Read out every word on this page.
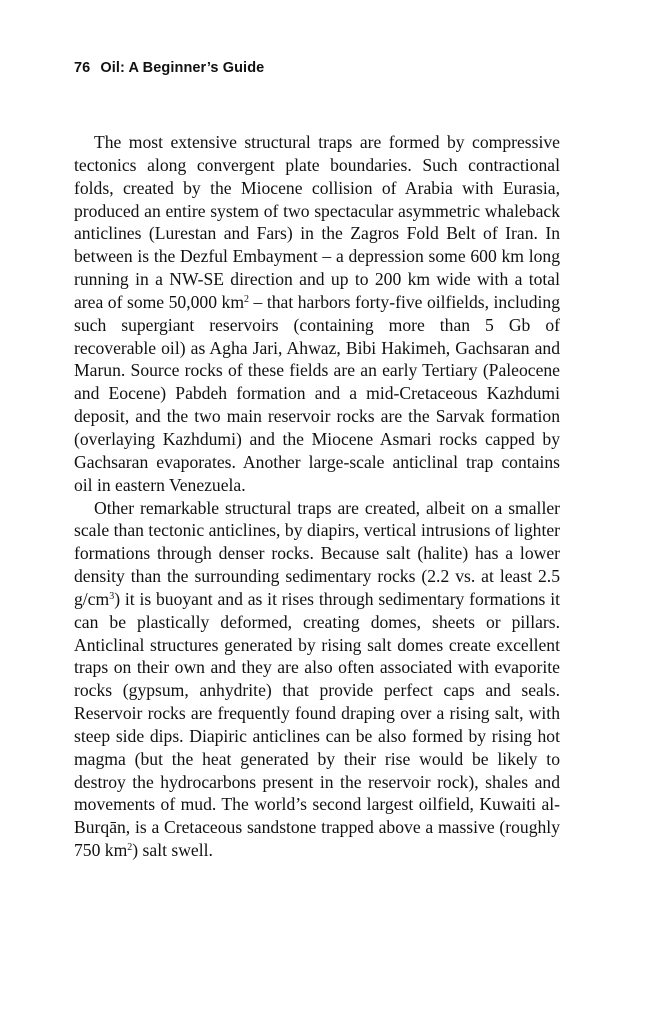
76 Oil: A Beginner’s Guide

The most extensive structural traps are formed by compressive tectonics along convergent plate boundaries. Such contractional folds, created by the Miocene collision of Arabia with Eurasia, produced an entire system of two spectacular asymmetric whaleback anticlines (Lurestan and Fars) in the Zagros Fold Belt of Iran. In between is the Dezful Embayment – a depression some 600 km long running in a NW-SE direction and up to 200 km wide with a total area of some 50,000 $km^2$ – that harbors forty-five oilfields, including such supergiant reservoirs (containing more than 5 Gb of recoverable oil) as Agha Jari, Ahwaz, Bibi Hakimeh, Gachsaran and Marun. Source rocks of these fields are an early Tertiary (Paleocene and Eocene) Pabdeh formation and a mid-Cretaceous Kazhdumi deposit, and the two main reservoir rocks are the Sarvak formation (overlaying Kazhdumi) and the Miocene Asmari rocks capped by Gachsaran evaporates. Another large-scale anticlinal trap contains oil in eastern Venezuela.

Other remarkable structural traps are created, albeit on a smaller scale than tectonic anticlines, by diapirs, vertical intrusions of lighter formations through denser rocks. Because salt (halite) has a lower density than the surrounding sedimentary rocks (2.2 vs. at least 2.5 $g/cm^3$) it is buoyant and as it rises through sedimentary formations it can be plastically deformed, creating domes, sheets or pillars. Anticlinal structures generated by rising salt domes create excellent traps on their own and they are also often associated with evaporite rocks (gypsum, anhydrite) that provide perfect caps and seals. Reservoir rocks are frequently found draping over a rising salt, with steep side dips. Diapiric anticlines can be also formed by rising hot magma (but the heat generated by their rise would be likely to destroy the hydrocarbons present in the reservoir rock), shales and movements of mud. The world’s second largest oilfield, Kuwaiti al-Burqān, is a Cretaceous sandstone trapped above a massive (roughly 750 $km^2$) salt swell.
